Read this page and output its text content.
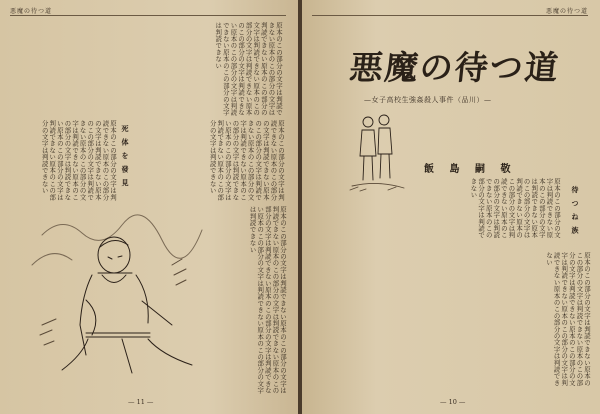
悪魔の待つ道
原本のこの部分の文字は判読できない原本のこの部分の文字は判読できない原本のこの部分の文字は判読できない原本のこの部分の文字は判読できない原本のこの部分の文字は判読できない原本のこの部分の文字は判読できない原本のこの部分の文字は判読できない
死 体 を 發 見
原本のこの部分の文字は判読できない原本のこの部分の文字は判読できない原本のこの部分の文字は判読できない原本のこの部分の文字は判読できない原本のこの部分の文字は判読できない原本のこの部分の文字は判読できない原本のこの部分の文字は判読できない	原本のこの部分の文字は判読できない原本のこの部分の文字は判読できない原本のこの部分の文字は判読できない原本のこの部分の文字は判読できない原本のこの部分の文字は判読できない原本のこの部分の文字は判読できない原本のこの部分の文字は判読できない
原本のこの部分の文字は判読できない原本のこの部分の文字は判読できない原本のこの部分の文字は判読できない原本のこの部分の文字は判読できない原本のこの部分の文字は判読できない原本のこの部分の文字は判読できない原本のこの部分の文字は判読できない
— 11 —
悪魔の待つ道
悪魔の待つ道
—女子高校生強姦殺人事件（品川）—
飯 島 嗣 敬
原本のこの部分の文字は判読できない原本のこの部分の文字は判読できない原本のこの部分の文字は判読できない原本のこの部分の文字は判読できない原本のこの部分の文字は判読できない原本のこの部分の文字は判読できない	待 つ ね 族
原本のこの部分の文字は判読できない原本のこの部分の文字は判読できない原本のこの部分の文字は判読できない原本のこの部分の文字は判読できない原本のこの部分の文字は判読できない原本のこの部分の文字は判読できない
— 10 —
